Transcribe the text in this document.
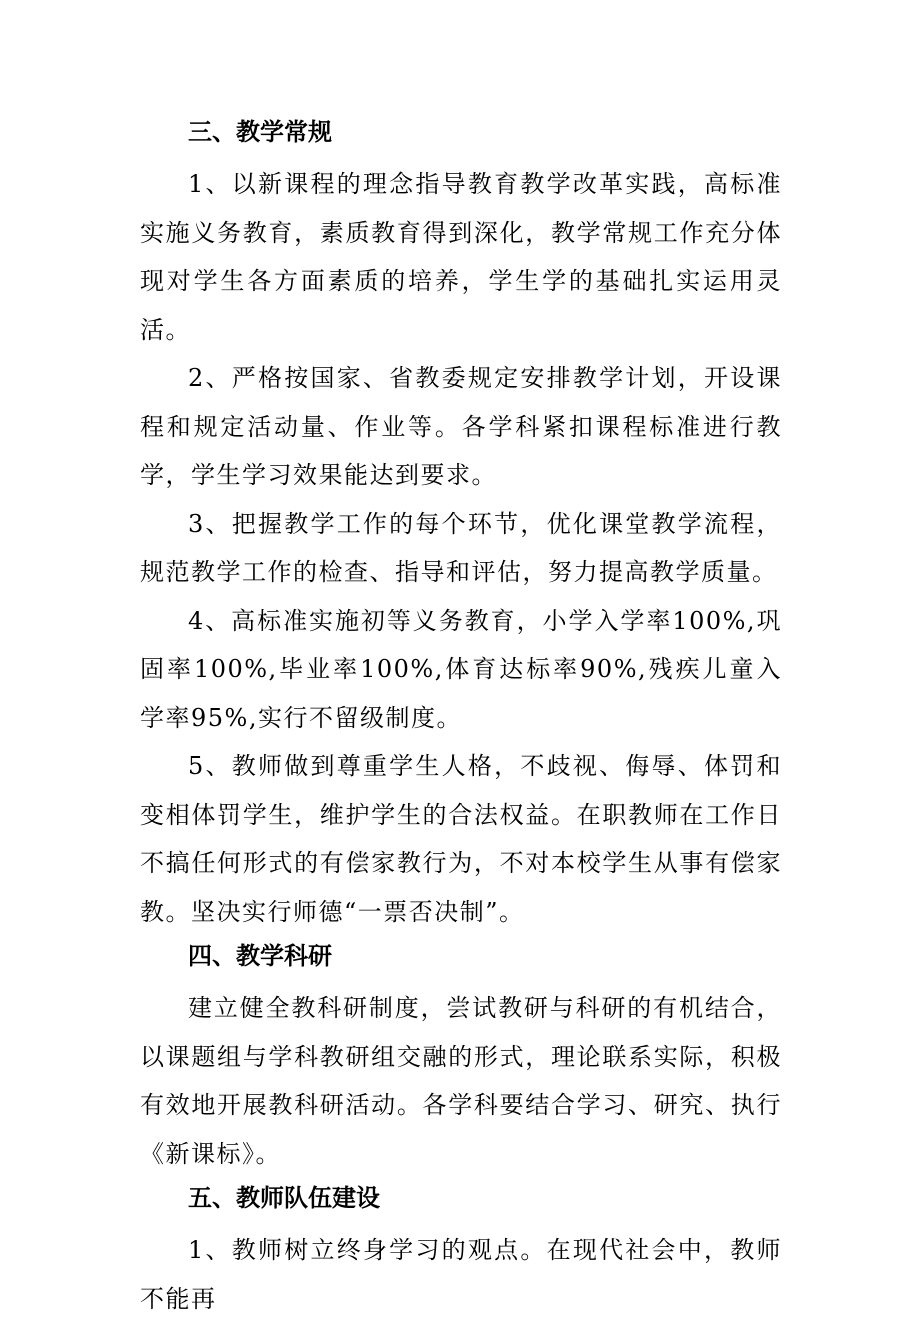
三、教学常规

1、以新课程的理念指导教育教学改革实践，高标准实施义务教育，素质教育得到深化，教学常规工作充分体现对学生各方面素质的培养，学生学的基础扎实运用灵活。

2、严格按国家、省教委规定安排教学计划，开设课程和规定活动量、作业等。各学科紧扣课程标准进行教学，学生学习效果能达到要求。

3、把握教学工作的每个环节，优化课堂教学流程，规范教学工作的检查、指导和评估，努力提高教学质量。

4、高标准实施初等义务教育，小学入学率100%,巩固率100%,毕业率100%,体育达标率90%,残疾儿童入学率95%,实行不留级制度。

5、教师做到尊重学生人格，不歧视、侮辱、体罚和变相体罚学生，维护学生的合法权益。在职教师在工作日不搞任何形式的有偿家教行为，不对本校学生从事有偿家教。坚决实行师德“一票否决制”。

四、教学科研

建立健全教科研制度，尝试教研与科研的有机结合，以课题组与学科教研组交融的形式，理论联系实际，积极有效地开展教科研活动。各学科要结合学习、研究、执行《新课标》。

五、教师队伍建设

1、教师树立终身学习的观点。在现代社会中，教师不能再
